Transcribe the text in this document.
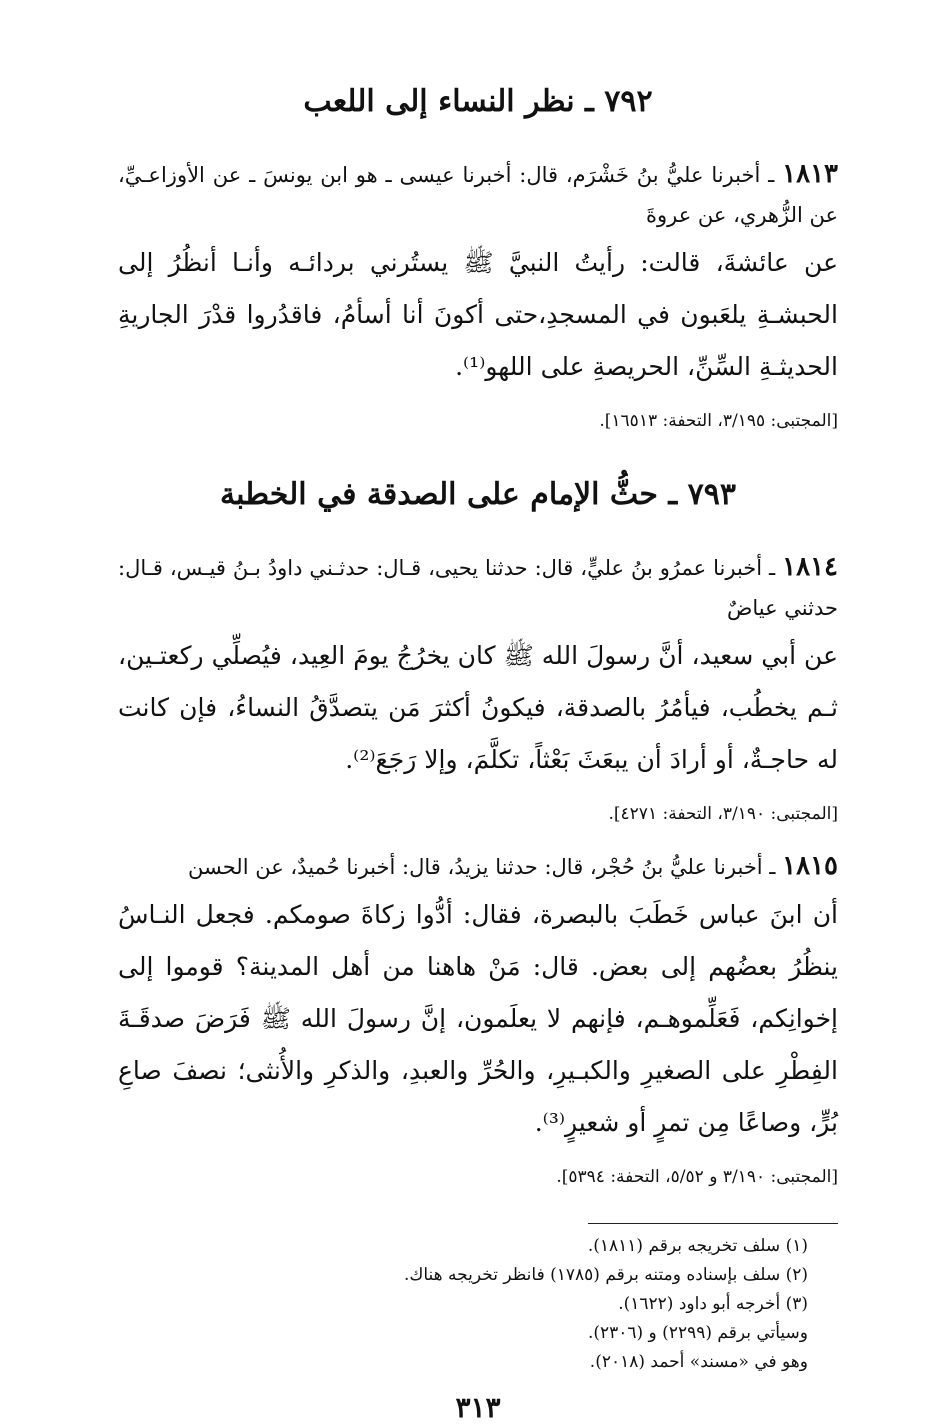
٧٩٢ ـ نظر النساء إلى اللعب

١٨١٣ ـ أخبرنا عليُّ بنُ خَشْرَم، قال: أخبرنا عيسى ـ هو ابن يونسَ ـ عن الأوزاعـيِّ، عن الزُّهري، عن عروةَ

عن عائشةَ، قالت: رأيتُ النبيَّ ﷺ يستُرني بردائـه وأنـا أنظُرُ إلى الحبشـةِ يلعَبون في المسجدِ،حتى أكونَ أنا أسأمُ، فاقدُروا قدْرَ الجاريةِ الحديثـةِ السِّنِّ، الحريصةِ على اللهو⁽¹⁾.

[المجتبى: ٣/١٩٥، التحفة: ١٦٥١٣].

٧٩٣ ـ حثُّ الإمام على الصدقة في الخطبة

١٨١٤ ـ أخبرنا عمرُو بنُ عليٍّ، قال: حدثنا يحيى، قـال: حدثـني داودُ بـنُ قيـس، قـال: حدثني عياضٌ

عن أبي سعيد، أنَّ رسولَ الله ﷺ كان يخرُجُ يومَ العِيد، فيُصلِّي ركعتـين، ثـم يخطُب، فيأمُرُ بالصدقة، فيكونُ أكثرَ مَن يتصدَّقُ النساءُ، فإن كانت له حاجـةٌ، أو أرادَ أن يبعَثَ بَعْثاً، تكلَّمَ، وإلا رَجَعَ⁽²⁾.

[المجتبى: ٣/١٩٠، التحفة: ٤٢٧١].

١٨١٥ ـ أخبرنا عليُّ بنُ حُجْر، قال: حدثنا يزيدُ، قال: أخبرنا حُميدٌ، عن الحسن

أن ابنَ عباس خَطَبَ بالبصرة، فقال: أدُّوا زكاةَ صومكم. فجعل النـاسُ ينظُرُ بعضُهم إلى بعض. قال: مَنْ هاهنا من أهل المدينة؟ قوموا إلى إخوانِكم، فَعَلِّموهـم، فإنهم لا يعلَمون، إنَّ رسولَ الله ﷺ فَرَضَ صدقَـةَ الفِطْرِ على الصغيرِ والكبـيرِ، والحُرِّ والعبدِ، والذكرِ والأُنثى؛ نصفَ صاعِ بُرٍّ، وصاعًا مِن تمرٍ أو شعيرٍ⁽³⁾.

[المجتبى: ٣/١٩٠ و ٥/٥٢، التحفة: ٥٣٩٤].

(١) سلف تخريجه برقم (١٨١١).

(٢) سلف بإسناده ومتنه برقم (١٧٨٥) فانظر تخريجه هناك.

(٣) أخرجه أبو داود (١٦٢٢).

وسيأتي برقم (٢٢٩٩) و (٢٣٠٦).

وهو في «مسند» أحمد (٢٠١٨).

٣١٣
